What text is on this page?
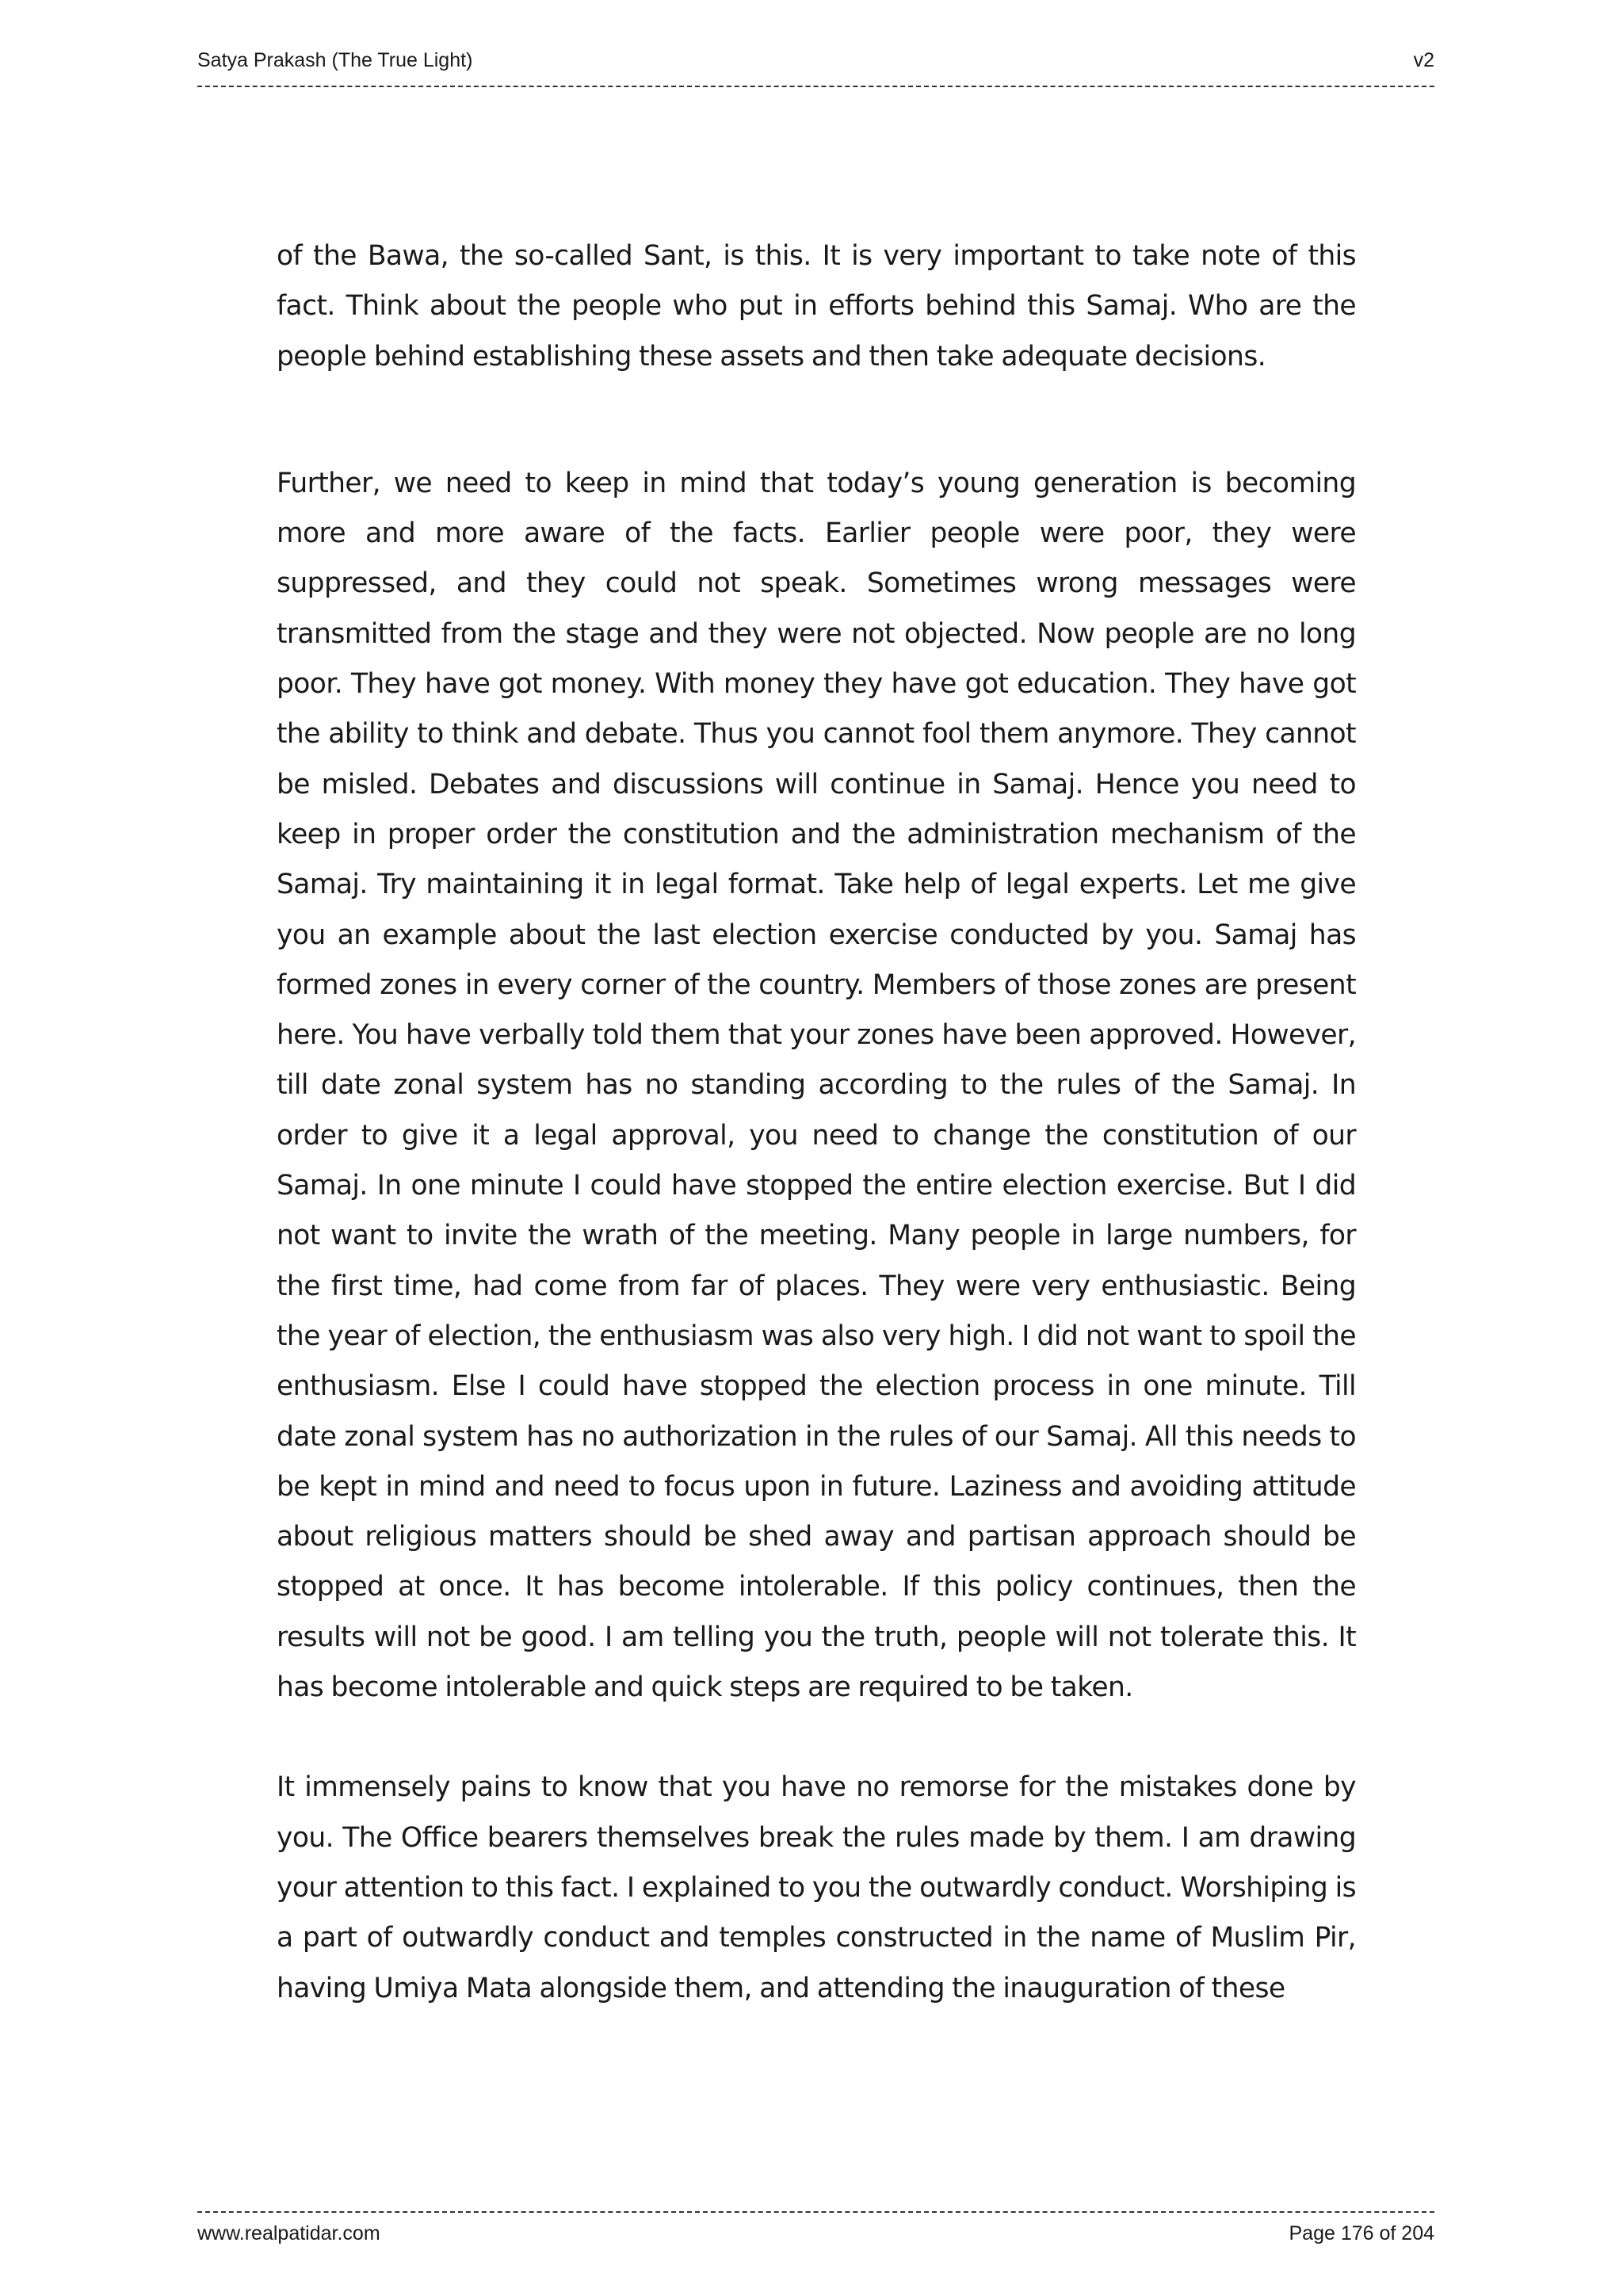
Satya Prakash (The True Light)	v2

of the Bawa, the so-called Sant, is this. It is very important to take note of this fact. Think about the people who put in efforts behind this Samaj. Who are the people behind establishing these assets and then take adequate decisions.

Further, we need to keep in mind that today’s young generation is becoming more and more aware of the facts. Earlier people were poor, they were suppressed, and they could not speak. Sometimes wrong messages were transmitted from the stage and they were not objected. Now people are no long poor. They have got money. With money they have got education. They have got the ability to think and debate. Thus you cannot fool them anymore. They cannot be misled. Debates and discussions will continue in Samaj. Hence you need to keep in proper order the constitution and the administration mechanism of the Samaj. Try maintaining it in legal format. Take help of legal experts. Let me give you an example about the last election exercise conducted by you. Samaj has formed zones in every corner of the country. Members of those zones are present here. You have verbally told them that your zones have been approved. However, till date zonal system has no standing according to the rules of the Samaj. In order to give it a legal approval, you need to change the constitution of our Samaj. In one minute I could have stopped the entire election exercise. But I did not want to invite the wrath of the meeting. Many people in large numbers, for the first time, had come from far of places. They were very enthusiastic. Being the year of election, the enthusiasm was also very high. I did not want to spoil the enthusiasm. Else I could have stopped the election process in one minute. Till date zonal system has no authorization in the rules of our Samaj. All this needs to be kept in mind and need to focus upon in future. Laziness and avoiding attitude about religious matters should be shed away and partisan approach should be stopped at once. It has become intolerable. If this policy continues, then the results will not be good. I am telling you the truth, people will not tolerate this. It has become intolerable and quick steps are required to be taken.

It immensely pains to know that you have no remorse for the mistakes done by you. The Office bearers themselves break the rules made by them. I am drawing your attention to this fact. I explained to you the outwardly conduct. Worshiping is a part of outwardly conduct and temples constructed in the name of Muslim Pir, having Umiya Mata alongside them, and attending the inauguration of these

www.realpatidar.com	Page 176 of 204
